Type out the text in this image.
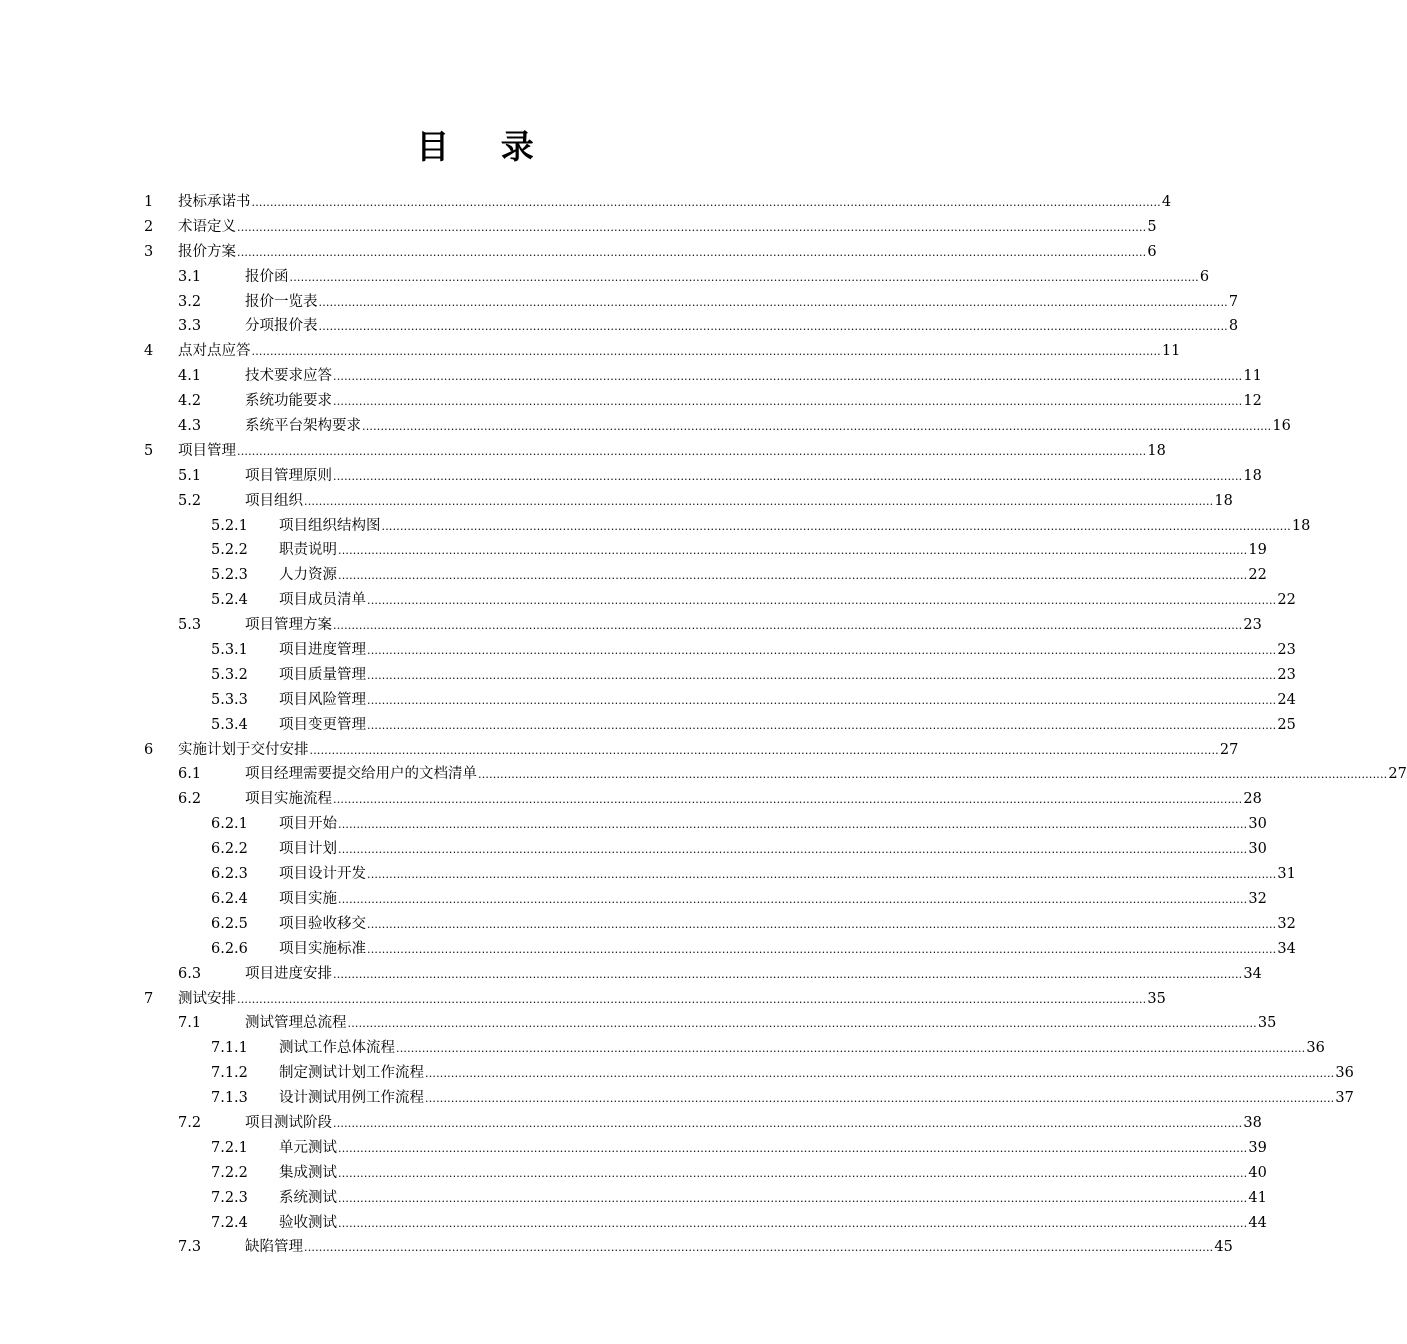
目 录
1 投标承诺书 ...................................................................................................................................................................................................................................................... 4
2 术语定义 ...................................................................................................................................................................................................................................................... 5
3 报价方案 ...................................................................................................................................................................................................................................................... 6
3.1	报价函 ...................................................................................................................................................................................................................................................... 6
3.2	报价一览表 ...................................................................................................................................................................................................................................................... 7
3.3	分项报价表 ...................................................................................................................................................................................................................................................... 8
4 点对点应答 ...................................................................................................................................................................................................................................................... 11
4.1	技术要求应答 ...................................................................................................................................................................................................................................................... 11
4.2	系统功能要求 ...................................................................................................................................................................................................................................................... 12
4.3	系统平台架构要求 ...................................................................................................................................................................................................................................................... 16
5 项目管理 ...................................................................................................................................................................................................................................................... 18
5.1	项目管理原则 ...................................................................................................................................................................................................................................................... 18
5.2	项目组织 ...................................................................................................................................................................................................................................................... 18
5.2.1 项目组织结构图 ...................................................................................................................................................................................................................................................... 18
5.2.2 职责说明 ...................................................................................................................................................................................................................................................... 19
5.2.3 人力资源 ...................................................................................................................................................................................................................................................... 22
5.2.4 项目成员清单 ...................................................................................................................................................................................................................................................... 22
5.3	项目管理方案 ...................................................................................................................................................................................................................................................... 23
5.3.1 项目进度管理 ...................................................................................................................................................................................................................................................... 23
5.3.2 项目质量管理 ...................................................................................................................................................................................................................................................... 23
5.3.3 项目风险管理 ...................................................................................................................................................................................................................................................... 24
5.3.4 项目变更管理 ...................................................................................................................................................................................................................................................... 25
6 实施计划于交付安排 ...................................................................................................................................................................................................................................................... 27
6.1	项目经理需要提交给用户的文档清单 ...................................................................................................................................................................................................................................................... 27
6.2	项目实施流程 ...................................................................................................................................................................................................................................................... 28
6.2.1 项目开始 ...................................................................................................................................................................................................................................................... 30
6.2.2 项目计划 ...................................................................................................................................................................................................................................................... 30
6.2.3 项目设计开发 ...................................................................................................................................................................................................................................................... 31
6.2.4 项目实施 ...................................................................................................................................................................................................................................................... 32
6.2.5 项目验收移交 ...................................................................................................................................................................................................................................................... 32
6.2.6 项目实施标准 ...................................................................................................................................................................................................................................................... 34
6.3	项目进度安排 ...................................................................................................................................................................................................................................................... 34
7 测试安排 ...................................................................................................................................................................................................................................................... 35
7.1	测试管理总流程 ...................................................................................................................................................................................................................................................... 35
7.1.1 测试工作总体流程 ...................................................................................................................................................................................................................................................... 36
7.1.2 制定测试计划工作流程 ...................................................................................................................................................................................................................................................... 36
7.1.3 设计测试用例工作流程 ...................................................................................................................................................................................................................................................... 37
7.2	项目测试阶段 ...................................................................................................................................................................................................................................................... 38
7.2.1 单元测试 ...................................................................................................................................................................................................................................................... 39
7.2.2 集成测试 ...................................................................................................................................................................................................................................................... 40
7.2.3 系统测试 ...................................................................................................................................................................................................................................................... 41
7.2.4 验收测试 ...................................................................................................................................................................................................................................................... 44
7.3	缺陷管理 ...................................................................................................................................................................................................................................................... 45
